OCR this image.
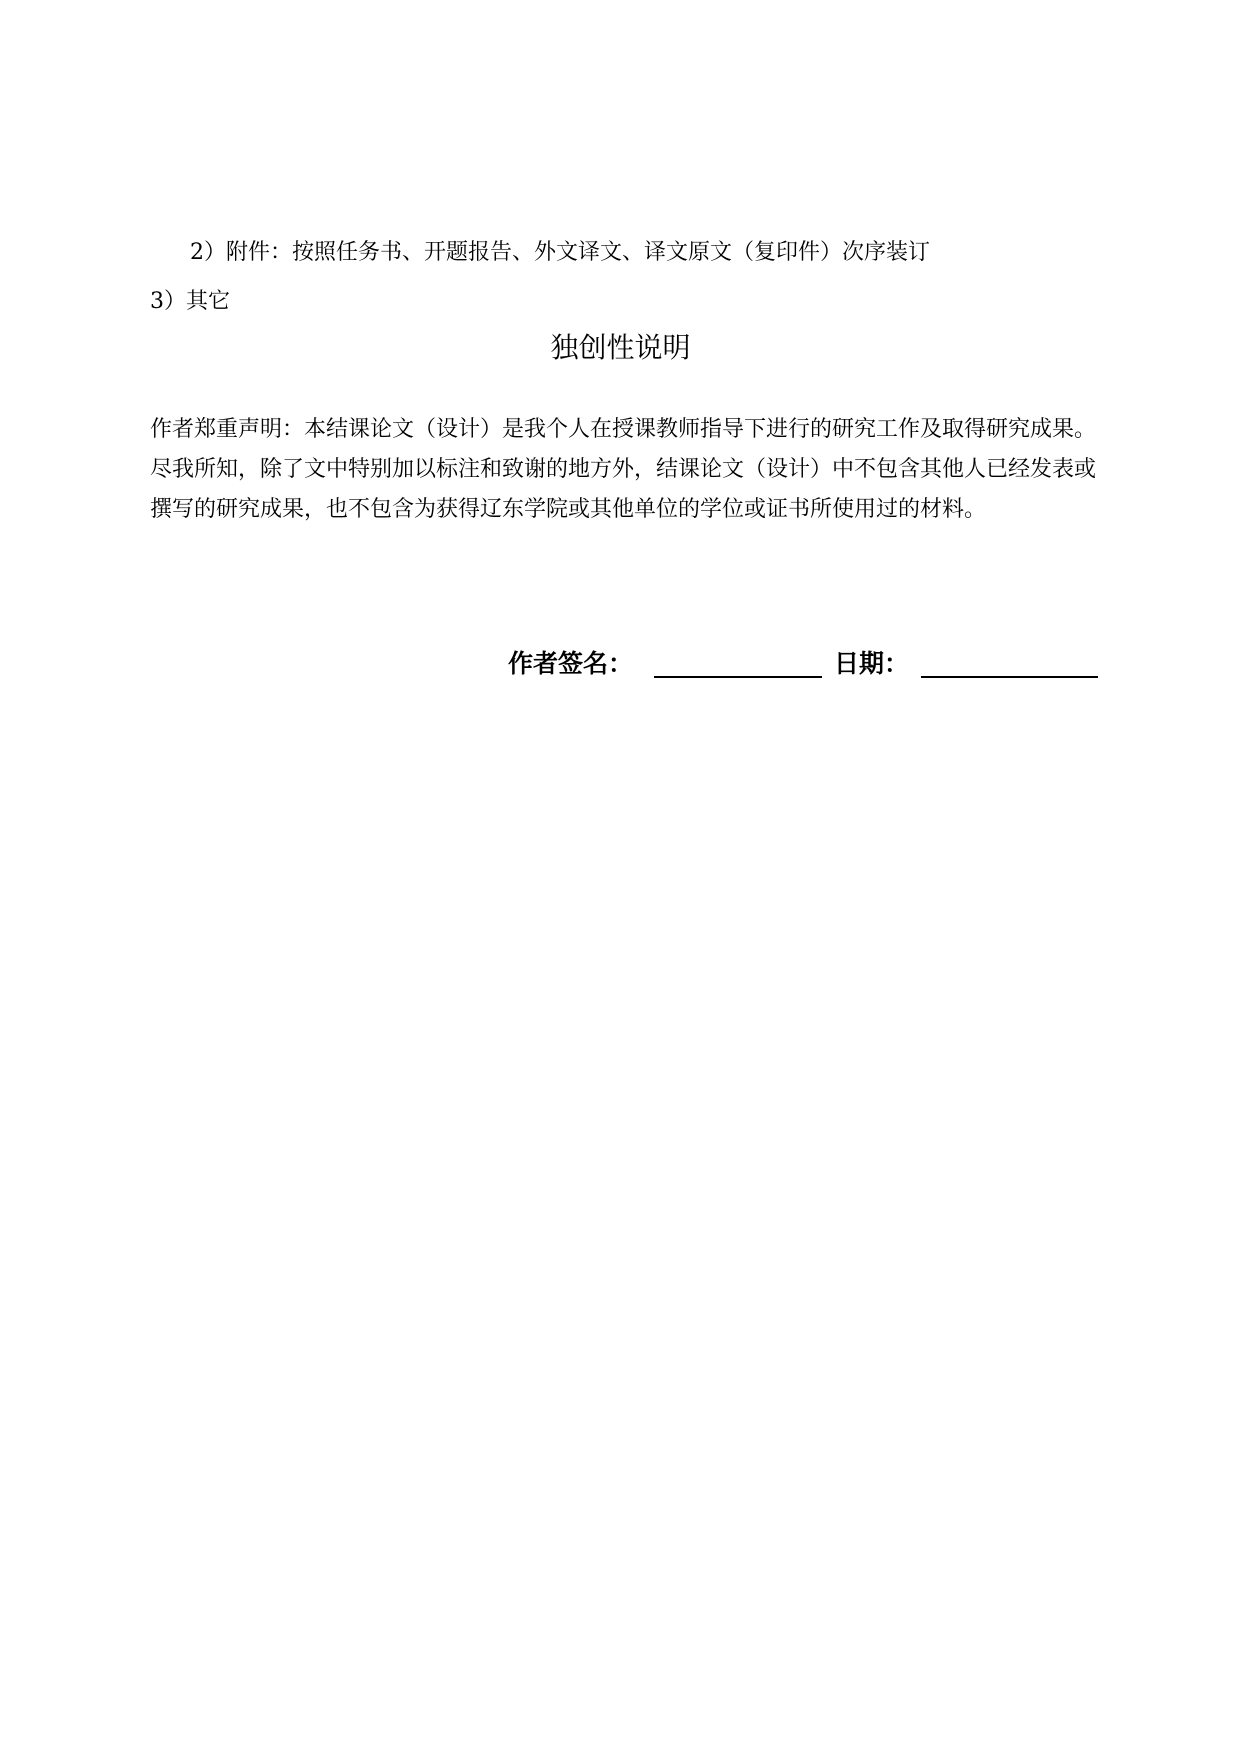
2）附件：按照任务书、开题报告、外文译文、译文原文（复印件）次序装订
3）其它
独创性说明
作者郑重声明：本结课论文（设计）是我个人在授课教师指导下进行的研究工作及取得研究成果。尽我所知，除了文中特别加以标注和致谢的地方外，结课论文（设计）中不包含其他人已经发表或撰写的研究成果，也不包含为获得辽东学院或其他单位的学位或证书所使用过的材料。
作者签名：	日期：
